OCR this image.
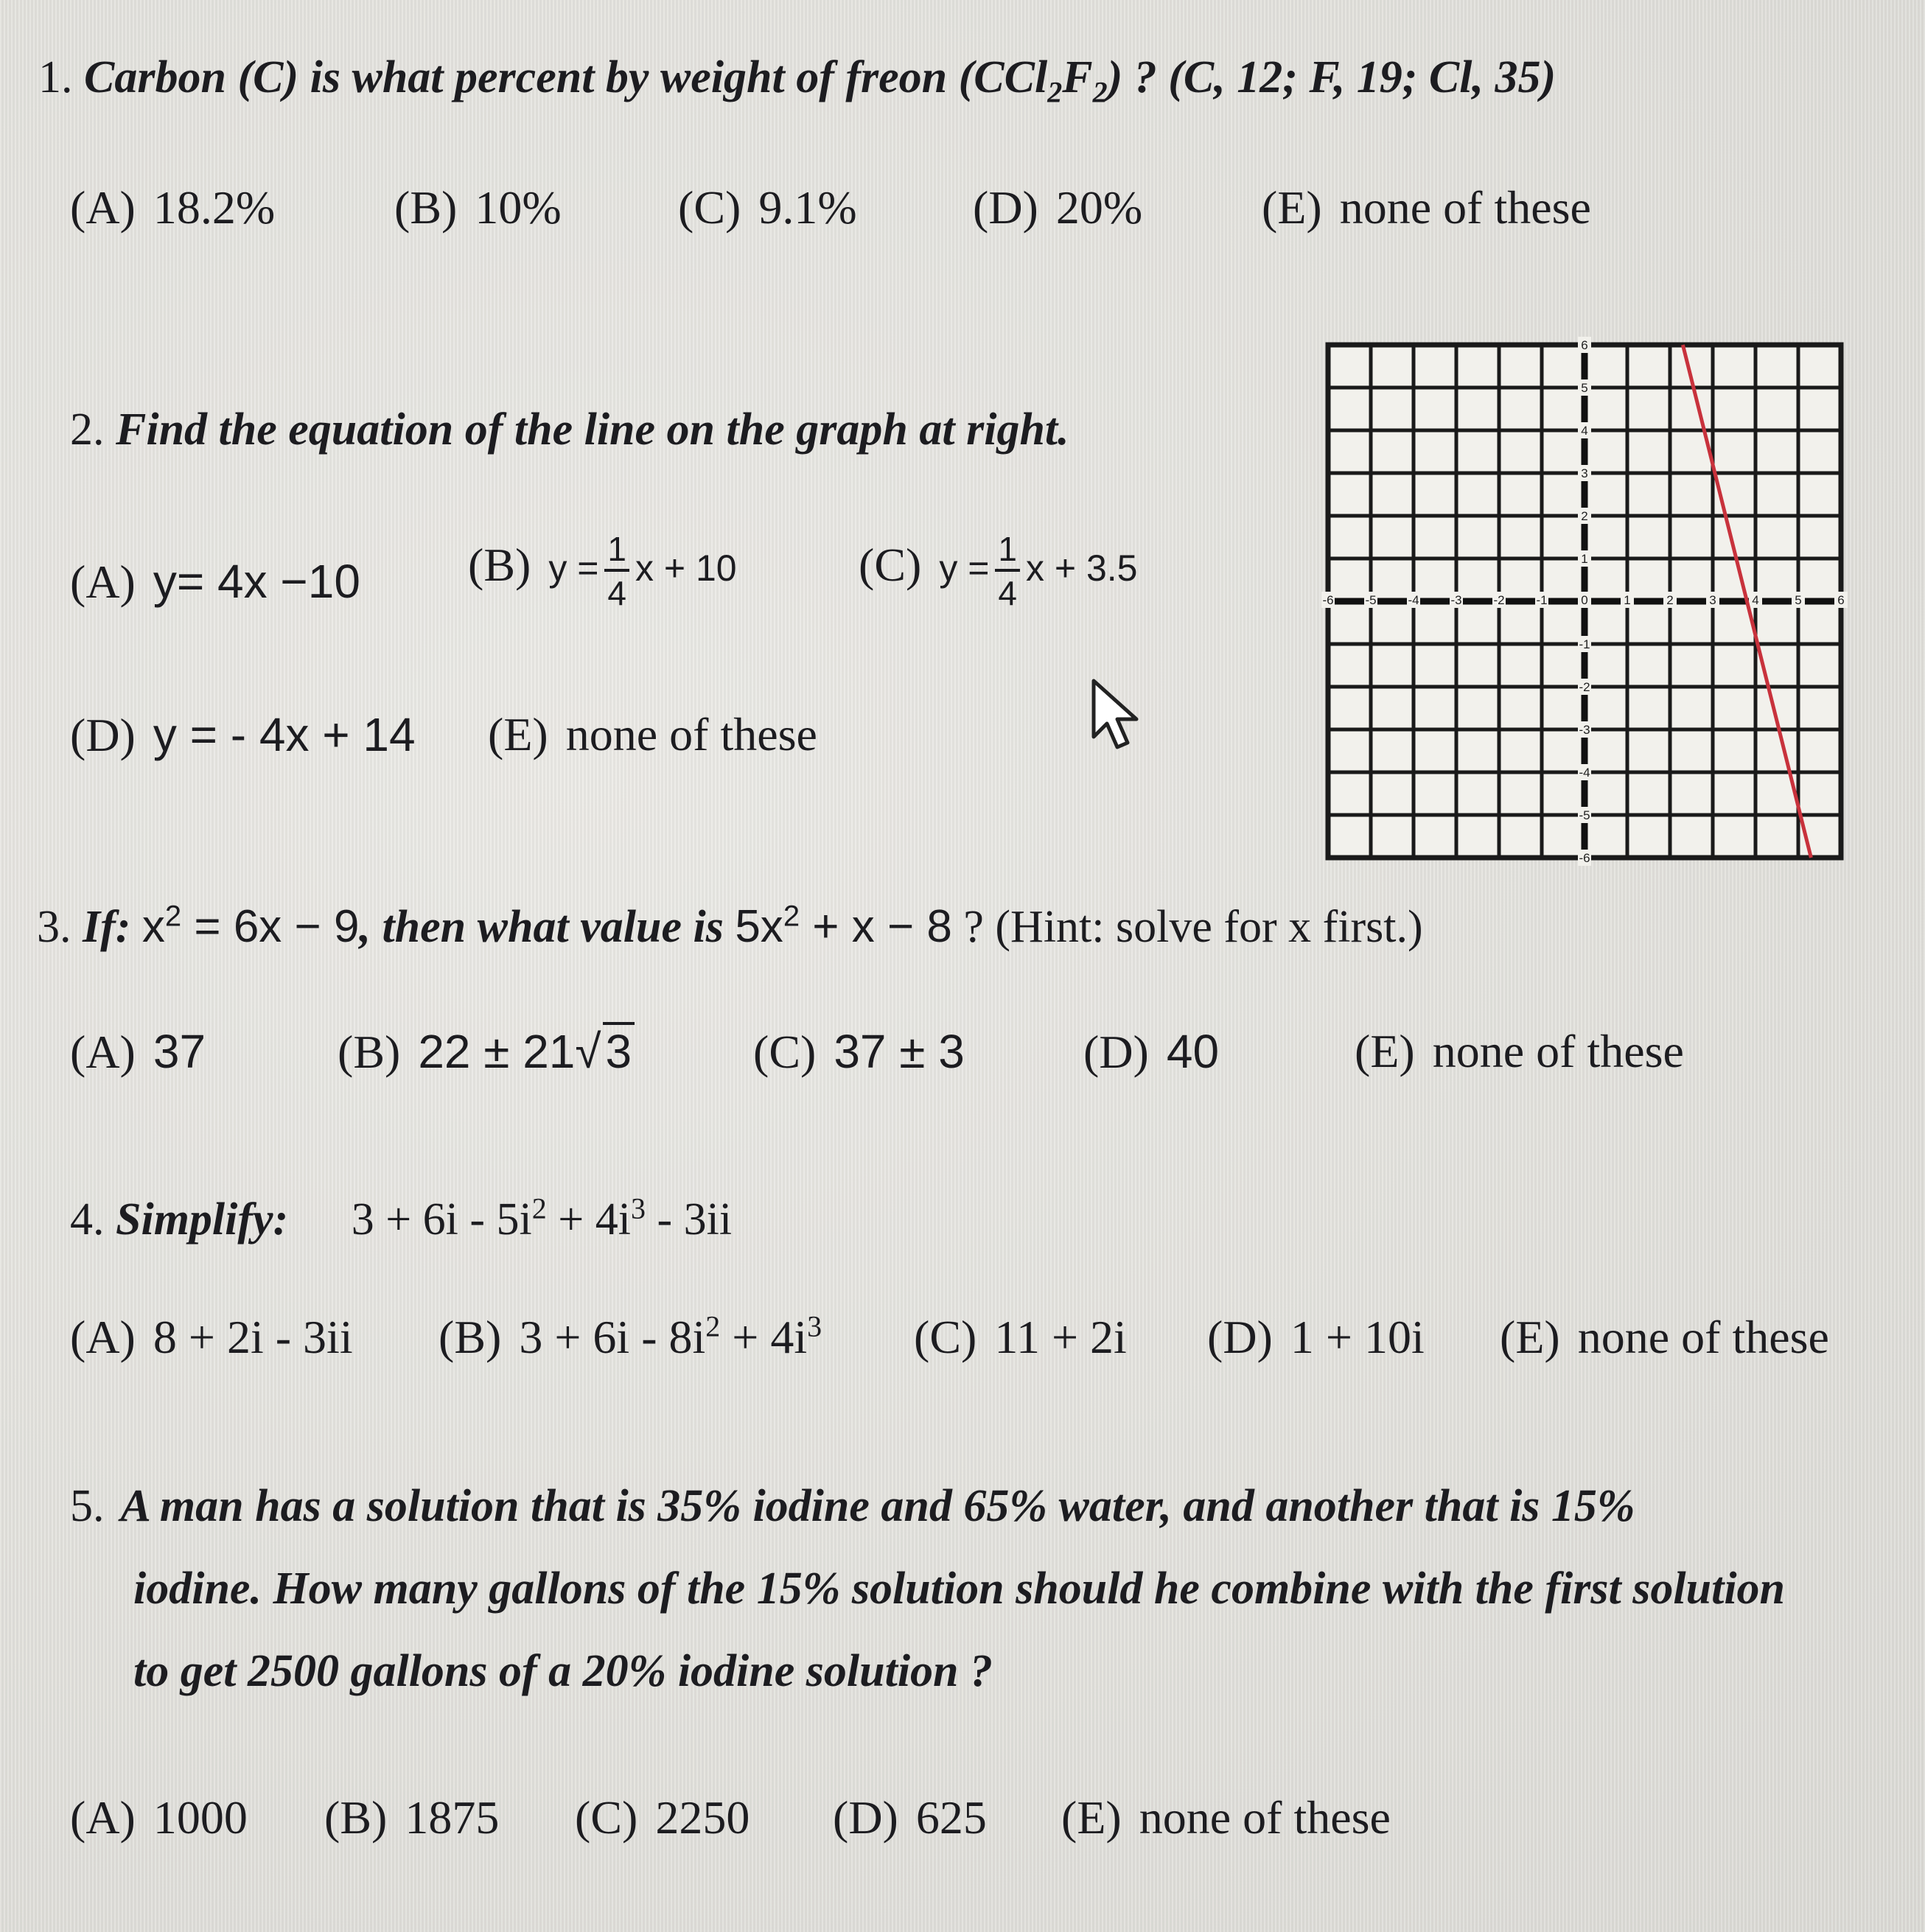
1. Carbon (C) is what percent by weight of freon $(CCl_2F_2)$ ? (C, 12; F, 19; Cl, 35)
(A) 18.2%	(B) 10% (C) 9.1% (D) 20%	(E) none of these
2. Find the equation of the line on the graph at right.
(A) y= 4x −10 (B) $y = \frac{1}{4}$ x + 10	(C) $y = \frac{1}{4}$ x + 3.5
(D) y = - 4x + 14 (E) none of these
-6	-5	-4	-3	-2	-1	0	1	2	3	4	5	6
6
5
4
3
2
1
-1
-2
-3
-4
-5
-6
3. If: $x^2 = 6x - 9$, then what value is $5x^2 + x - 8$ ? (Hint: solve for x first.)
(A) 37	(B) 22 ± 21√3	(C) 37 ± 3	(D) 40	(E) none of these
4. Simplify: $3 + 6i - 5i^2 + 4i^3 - 3ii$
(A) 8 + 2i - 3ii (B) $3 + 6i - 8i^2 + 4i^3$ (C) 11 + 2i (D) 1 + 10i (E) none of these
5. A man has a solution that is 35% iodine and 65% water, and another that is 15%
iodine. How many gallons of the 15% solution should he combine with the first solution
to get 2500 gallons of a 20% iodine solution ?
(A) 1000 (B) 1875 (C) 2250 (D) 625 (E) none of these
